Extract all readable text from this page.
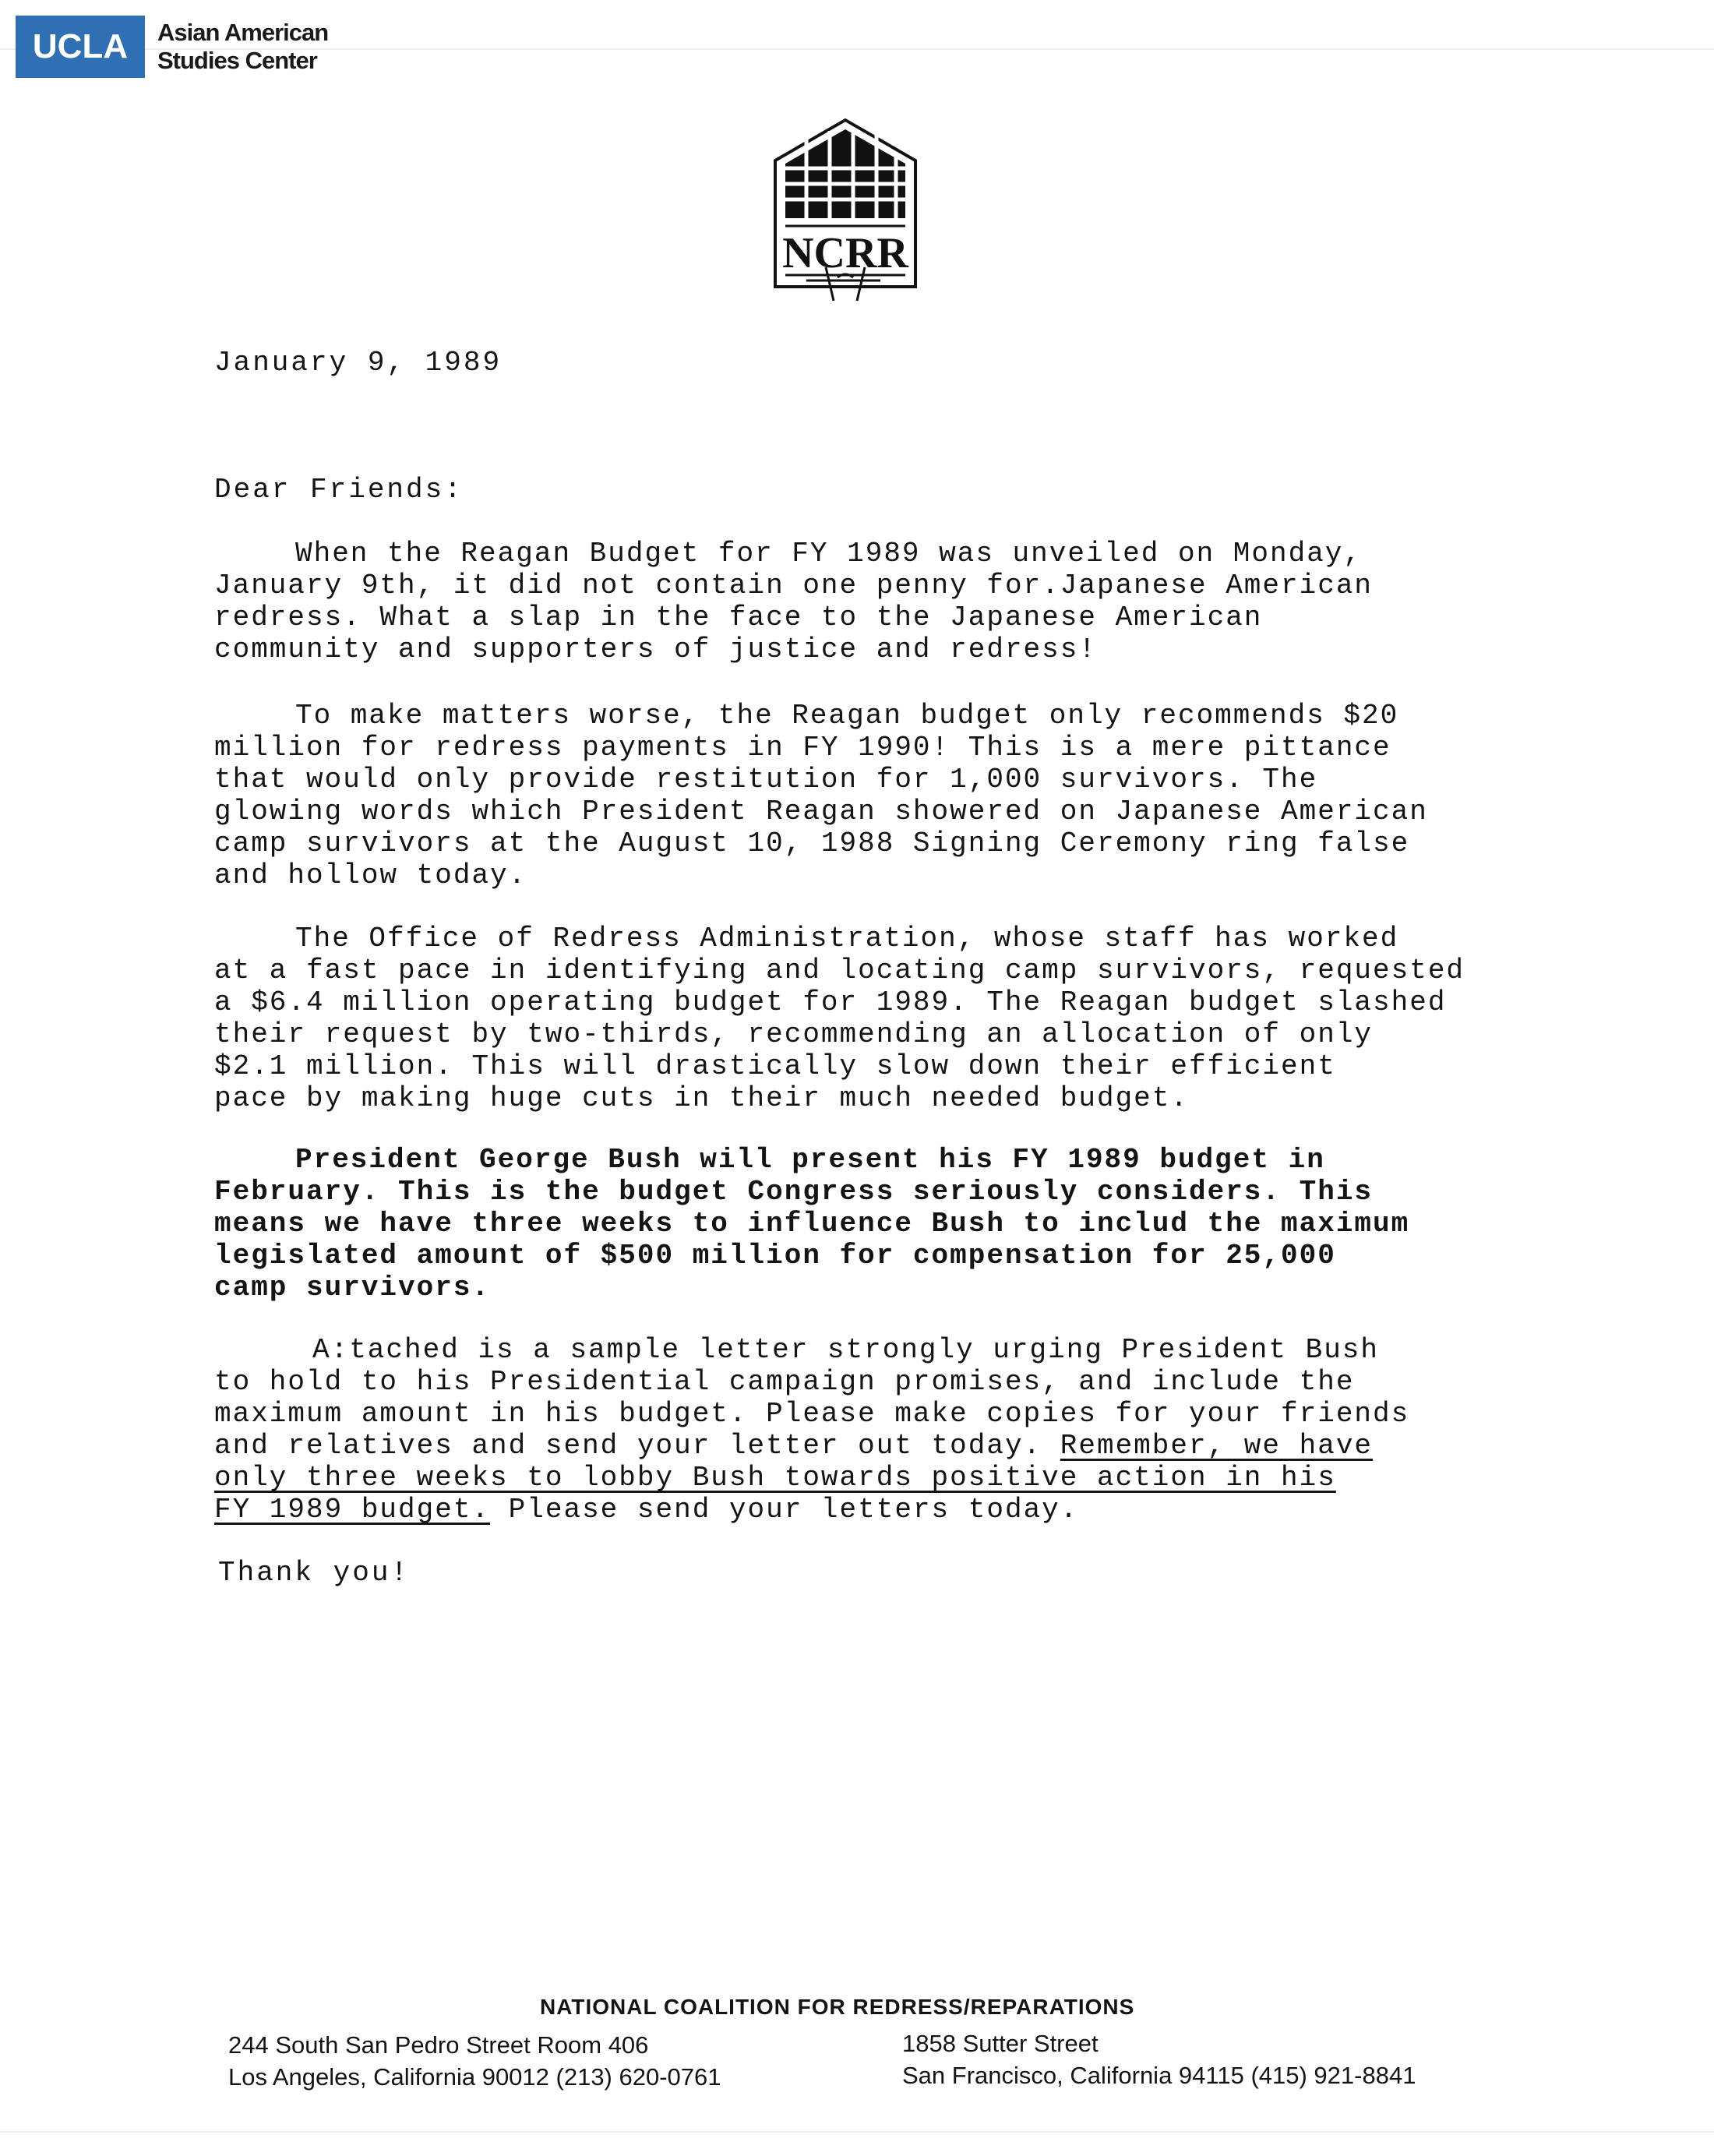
UCLA	Asian American
Studies Center
NCRR
January 9, 1989
Dear Friends:
When the Reagan Budget for FY 1989 was unveiled on Monday,
January 9th, it did not contain one penny for.Japanese American
redress. What a slap in the face to the Japanese American
community and supporters of justice and redress!
To make matters worse, the Reagan budget only recommends $20
million for redress payments in FY 1990! This is a mere pittance
that would only provide restitution for 1,000 survivors. The
glowing words which President Reagan showered on Japanese American
camp survivors at the August 10, 1988 Signing Ceremony ring false
and hollow today.
The Office of Redress Administration, whose staff has worked
at a fast pace in identifying and locating camp survivors, requested
a $6.4 million operating budget for 1989. The Reagan budget slashed
their request by two-thirds, recommending an allocation of only
$2.1 million. This will drastically slow down their efficient
pace by making huge cuts in their much needed budget.
President George Bush will present his FY 1989 budget in
February. This is the budget Congress seriously considers. This
means we have three weeks to influence Bush to includ the maximum
legislated amount of $500 million for compensation for 25,000
camp survivors.
A:tached is a sample letter strongly urging President Bush
to hold to his Presidential campaign promises, and include the
maximum amount in his budget. Please make copies for your friends
and relatives and send your letter out today. Remember, we have
only three weeks to lobby Bush towards positive action in his
FY 1989 budget. Please send your letters today.
Thank you!
NATIONAL COALITION FOR REDRESS/REPARATIONS
244 South San Pedro Street Room 406
Los Angeles, California 90012 (213) 620-0761
1858 Sutter Street
San Francisco, California 94115 (415) 921-8841
